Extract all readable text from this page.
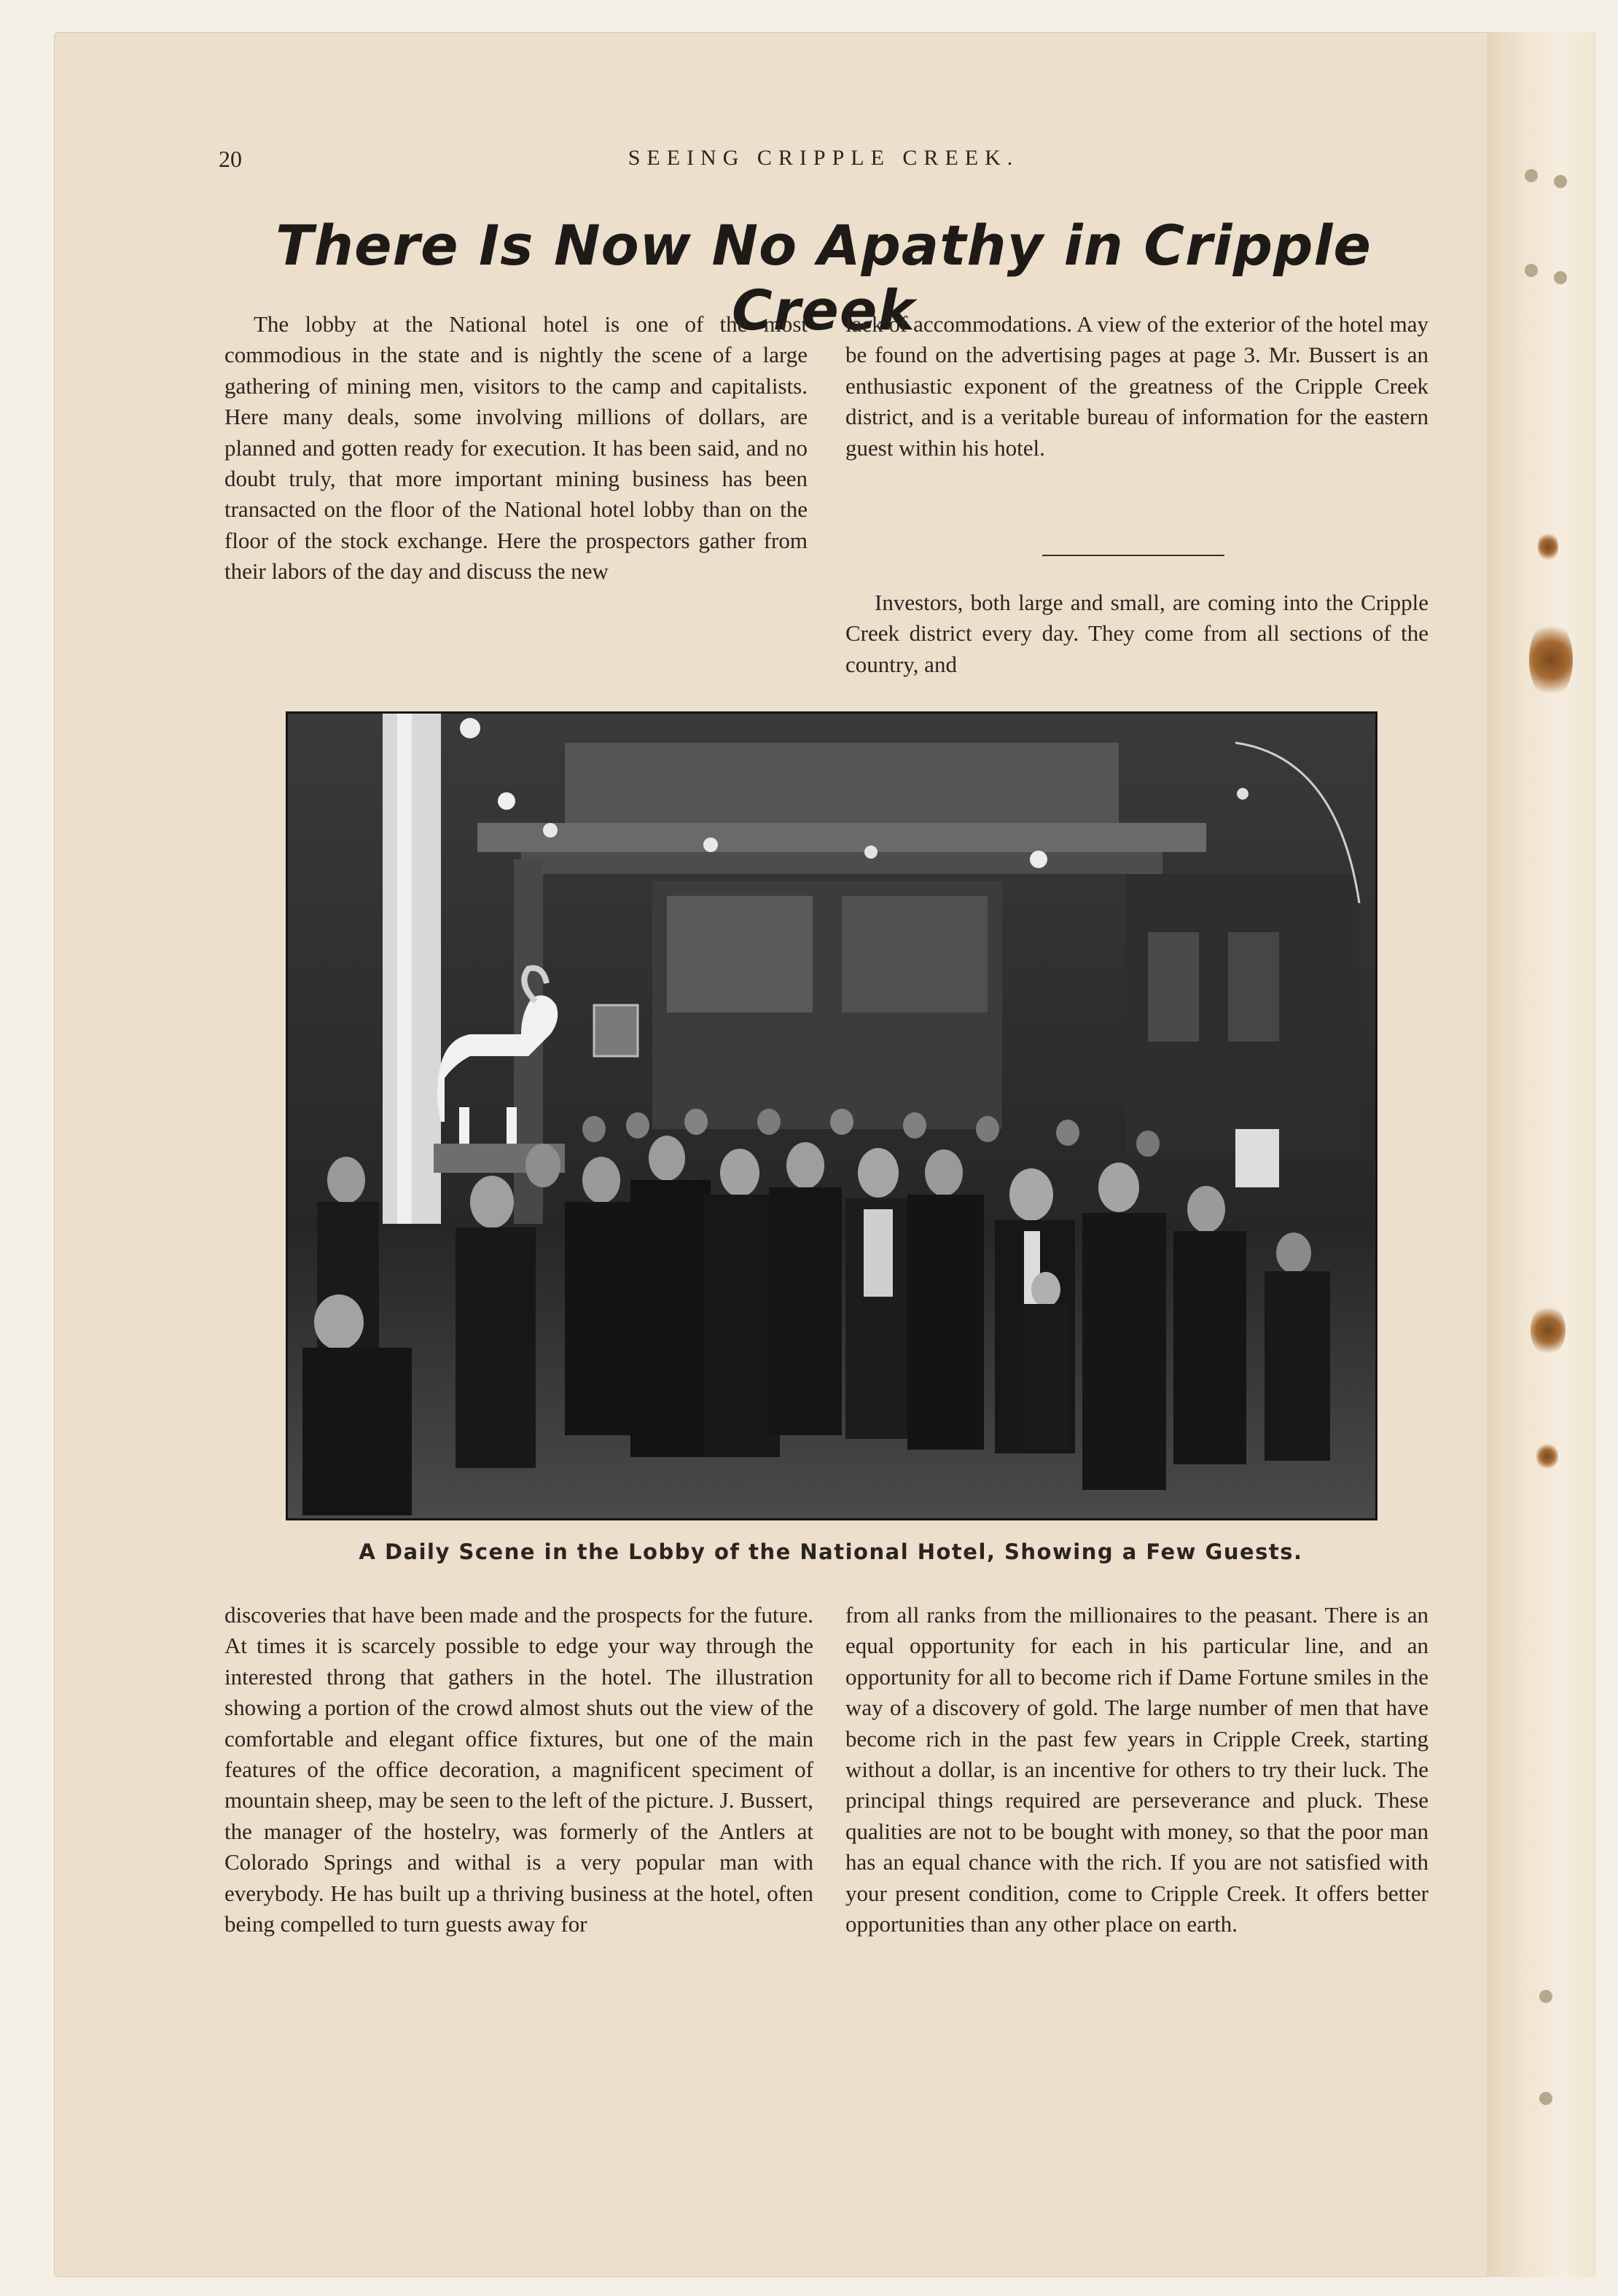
20	SEEING CRIPPLE CREEK.
There Is Now No Apathy in Cripple Creek

The lobby at the National hotel is one of the most commodious in the state and is nightly the scene of a large gathering of mining men, visitors to the camp and capitalists. Here many deals, some involving millions of dollars, are planned and gotten ready for execution. It has been said, and no doubt truly, that more important mining business has been transacted on the floor of the National hotel lobby than on the floor of the stock exchange. Here the prospectors gather from their labors of the day and discuss the new

lack of accommodations. A view of the exterior of the hotel may be found on the advertising pages at page 3. Mr. Bussert is an enthusiastic exponent of the greatness of the Cripple Creek district, and is a veritable bureau of information for the eastern guest within his hotel.

Investors, both large and small, are coming into the Cripple Creek district every day. They come from all sections of the country, and

A Daily Scene in the Lobby of the National Hotel, Showing a Few Guests.

discoveries that have been made and the prospects for the future. At times it is scarcely possible to edge your way through the interested throng that gathers in the hotel. The illustration showing a portion of the crowd almost shuts out the view of the comfortable and elegant office fixtures, but one of the main features of the office decoration, a magnificent speciment of mountain sheep, may be seen to the left of the picture. J. Bussert, the manager of the hostelry, was formerly of the Antlers at Colorado Springs and withal is a very popular man with everybody. He has built up a thriving business at the hotel, often being compelled to turn guests away for

from all ranks from the millionaires to the peasant. There is an equal opportunity for each in his particular line, and an opportunity for all to become rich if Dame Fortune smiles in the way of a discovery of gold. The large number of men that have become rich in the past few years in Cripple Creek, starting without a dollar, is an incentive for others to try their luck. The principal things required are perseverance and pluck. These qualities are not to be bought with money, so that the poor man has an equal chance with the rich. If you are not satisfied with your present condition, come to Cripple Creek. It offers better opportunities than any other place on earth.
